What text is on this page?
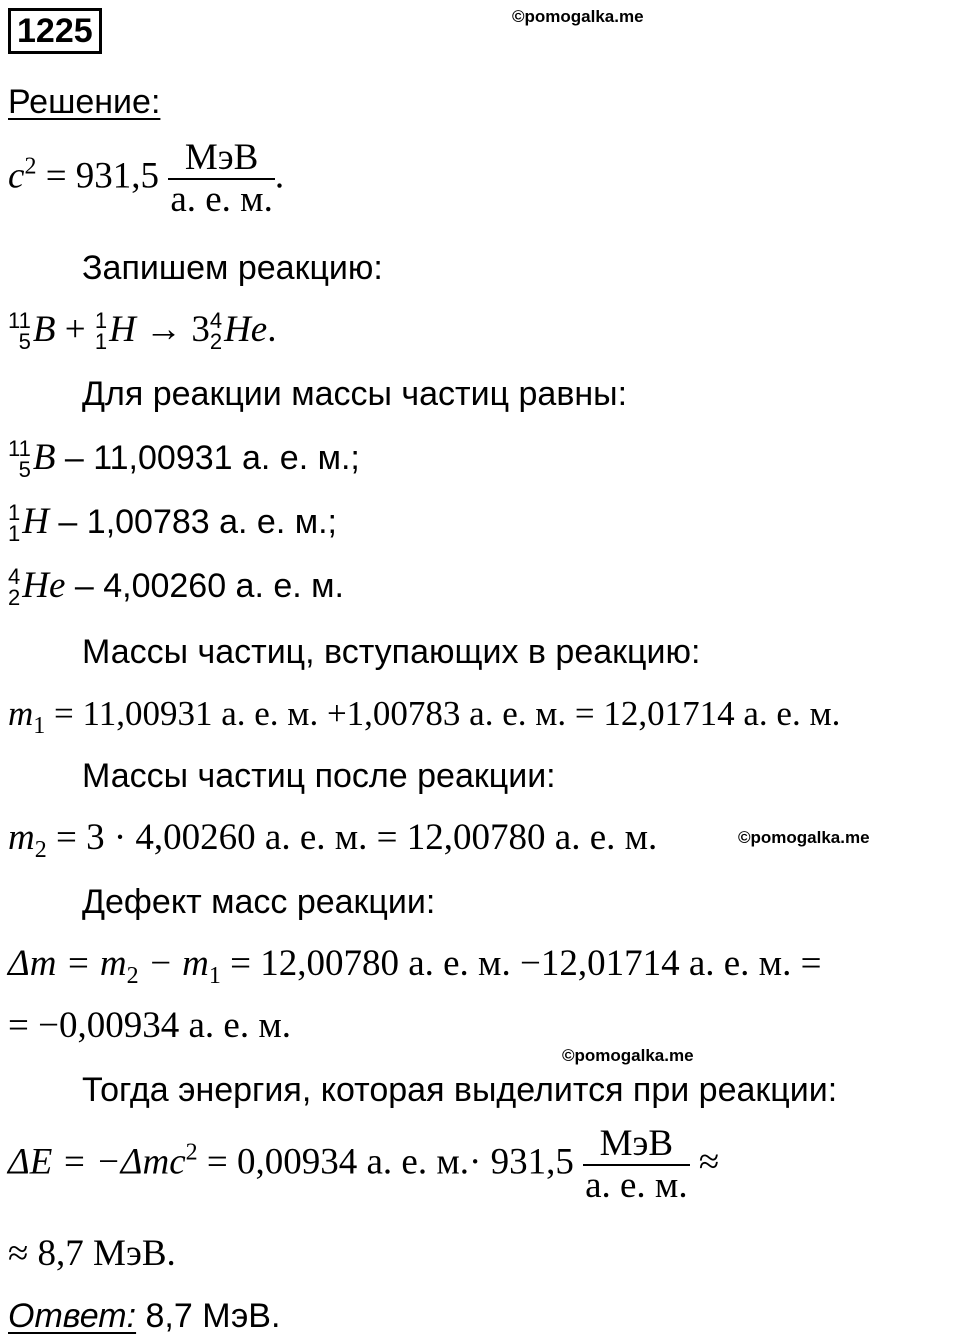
1225	©pomogalka.me
Решение:
$c^2 = 931,5 \frac{\text{МэВ}}{а. е. м.}$ .
Запишем реакцию:
11
5 B + 1
1 H → 3 4
2 He.
Для реакции массы частиц равны:
11
5 B – 11,00931 а. е. м.;
1
1 H – 1,00783 а. е. м.;
4
2 He – 4,00260 а. е. м.
Массы частиц, вступающих в реакцию:
$m_1 = 11,00931$ а. е. м. +1,00783 а. е. м. = 12,01714 а. е. м.
Массы частиц после реакции:
$m_2 = 3 \cdot 4,00260$ а. е. м. = 12,00780 а. е. м.	©pomogalka.me
Дефект масс реакции:
$\Delta m = m_2 - m_1 = 12,00780$ а. е. м. −12,01714 а. е. м. =
= −0,00934 а. е. м.
©pomogalka.me
Тогда энергия, которая выделится при реакции:
ΔE = −Δmc$^2$ = 0,00934 а. е. $м.\cdot 931,5 \frac{\text{МэВ}}{а. е. м.}$ ≈
≈ 8,7 МэВ.
Ответ: 8,7 МэВ.
